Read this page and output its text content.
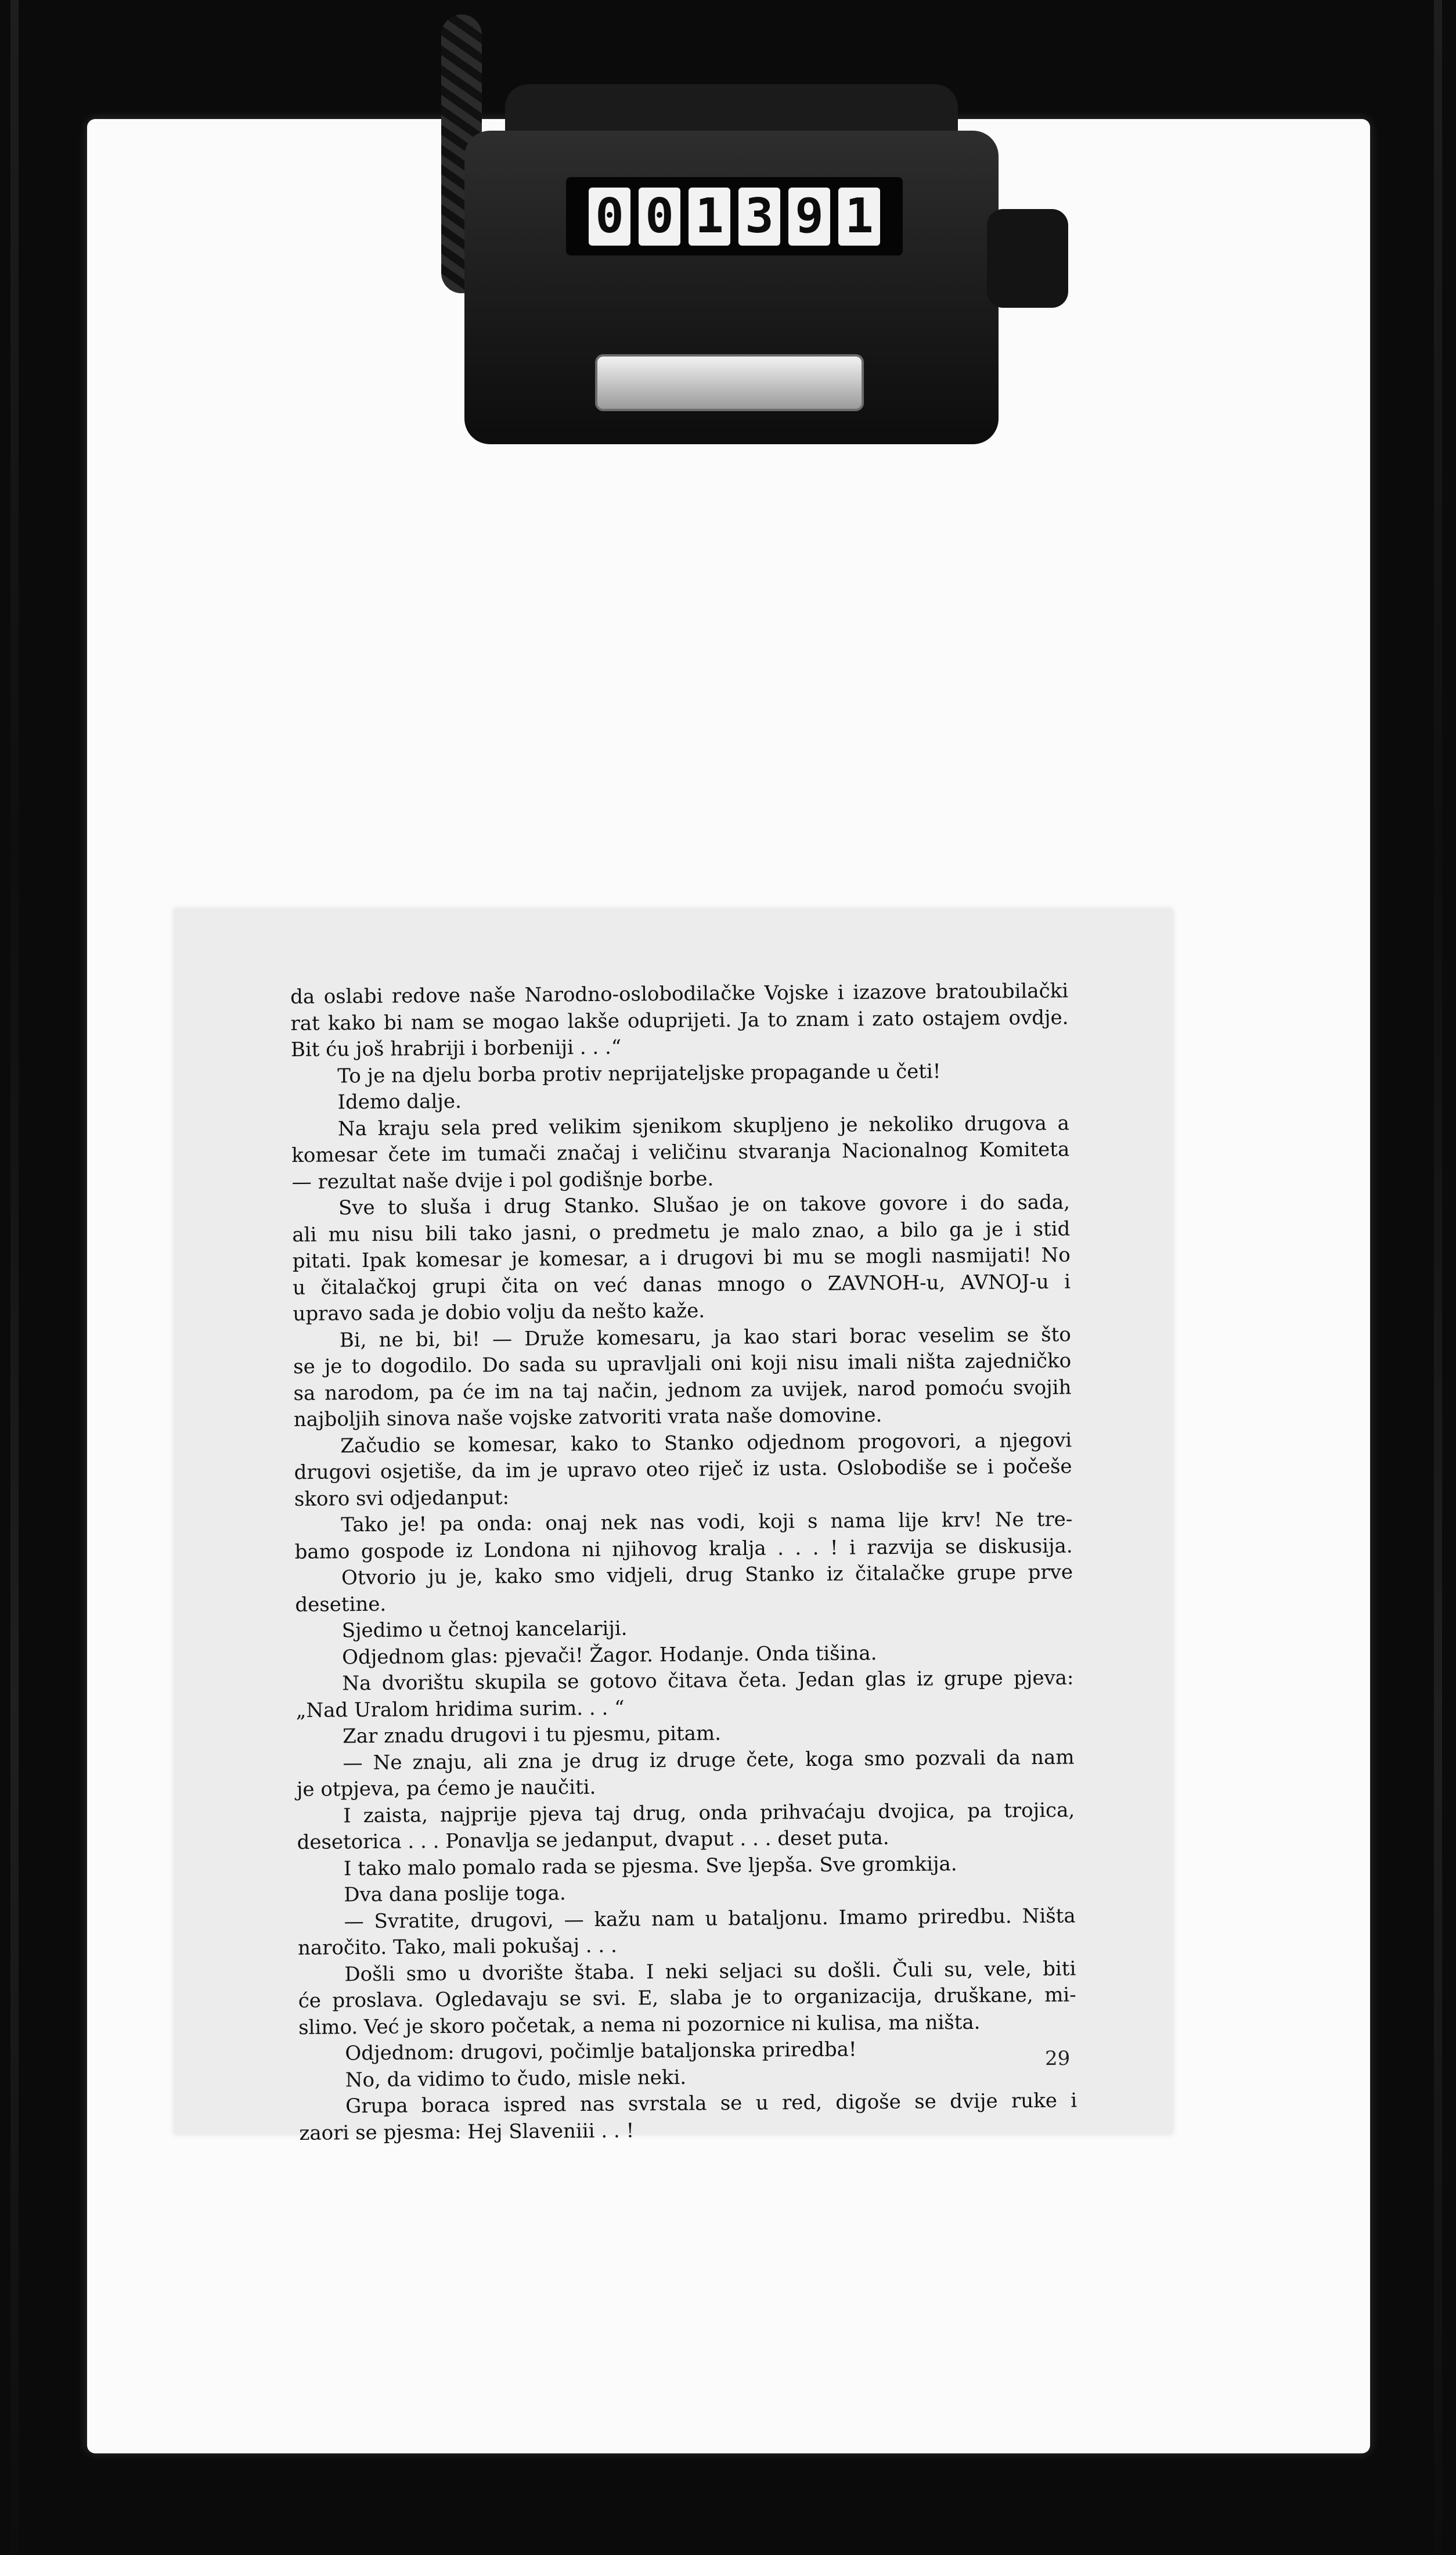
0 0 1 3 9 1
da oslabi redove naše Narodno-oslobodilačke Vojske i izazove bratoubilački
rat kako bi nam se mogao lakše oduprijeti. Ja to znam i zato ostajem ovdje.
Bit ću još hrabriji i borbeniji . . .“
To je na djelu borba protiv neprijateljske propagande u četi!
Idemo dalje.
Na kraju sela pred velikim sjenikom skupljeno je nekoliko drugova a
komesar čete im tumači značaj i veličinu stvaranja Nacionalnog Komiteta
— rezultat naše dvije i pol godišnje borbe.
Sve to sluša i drug Stanko. Slušao je on takove govore i do sada,
ali mu nisu bili tako jasni, o predmetu je malo znao, a bilo ga je i stid
pitati. Ipak komesar je komesar, a i drugovi bi mu se mogli nasmijati! No
u čitalačkoj grupi čita on već danas mnogo o ZAVNOH-u, AVNOJ-u i
upravo sada je dobio volju da nešto kaže.
Bi, ne bi, bi! — Druže komesaru, ja kao stari borac veselim se što
se je to dogodilo. Do sada su upravljali oni koji nisu imali ništa zajedničko
sa narodom, pa će im na taj način, jednom za uvijek, narod pomoću svojih
najboljih sinova naše vojske zatvoriti vrata naše domovine.
Začudio se komesar, kako to Stanko odjednom progovori, a njegovi
drugovi osjetiše, da im je upravo oteo riječ iz usta. Oslobodiše se i počeše
skoro svi odjedanput:
Tako je! pa onda: onaj nek nas vodi, koji s nama lije krv! Ne tre-
bamo gospode iz Londona ni njihovog kralja . . . ! i razvija se diskusija.
Otvorio ju je, kako smo vidjeli, drug Stanko iz čitalačke grupe prve
desetine.
Sjedimo u četnoj kancelariji.
Odjednom glas: pjevači! Žagor. Hodanje. Onda tišina.
Na dvorištu skupila se gotovo čitava četa. Jedan glas iz grupe pjeva:
„Nad Uralom hridima surim. . . “
Zar znadu drugovi i tu pjesmu, pitam.
— Ne znaju, ali zna je drug iz druge čete, koga smo pozvali da nam
je otpjeva, pa ćemo je naučiti.
I zaista, najprije pjeva taj drug, onda prihvaćaju dvojica, pa trojica,
desetorica . . . Ponavlja se jedanput, dvaput . . . deset puta.
I tako malo pomalo rada se pjesma. Sve ljepša. Sve gromkija.
Dva dana poslije toga.
— Svratite, drugovi, — kažu nam u bataljonu. Imamo priredbu. Ništa
naročito. Tako, mali pokušaj . . .
Došli smo u dvorište štaba. I neki seljaci su došli. Čuli su, vele, biti
će proslava. Ogledavaju se svi. E, slaba je to organizacija, druškane, mi-
slimo. Već je skoro početak, a nema ni pozornice ni kulisa, ma ništa.
Odjednom: drugovi, počimlje bataljonska priredba!
No, da vidimo to čudo, misle neki.
Grupa boraca ispred nas svrstala se u red, digoše se dvije ruke i
zaori se pjesma: Hej Slaveniii . . !
29
